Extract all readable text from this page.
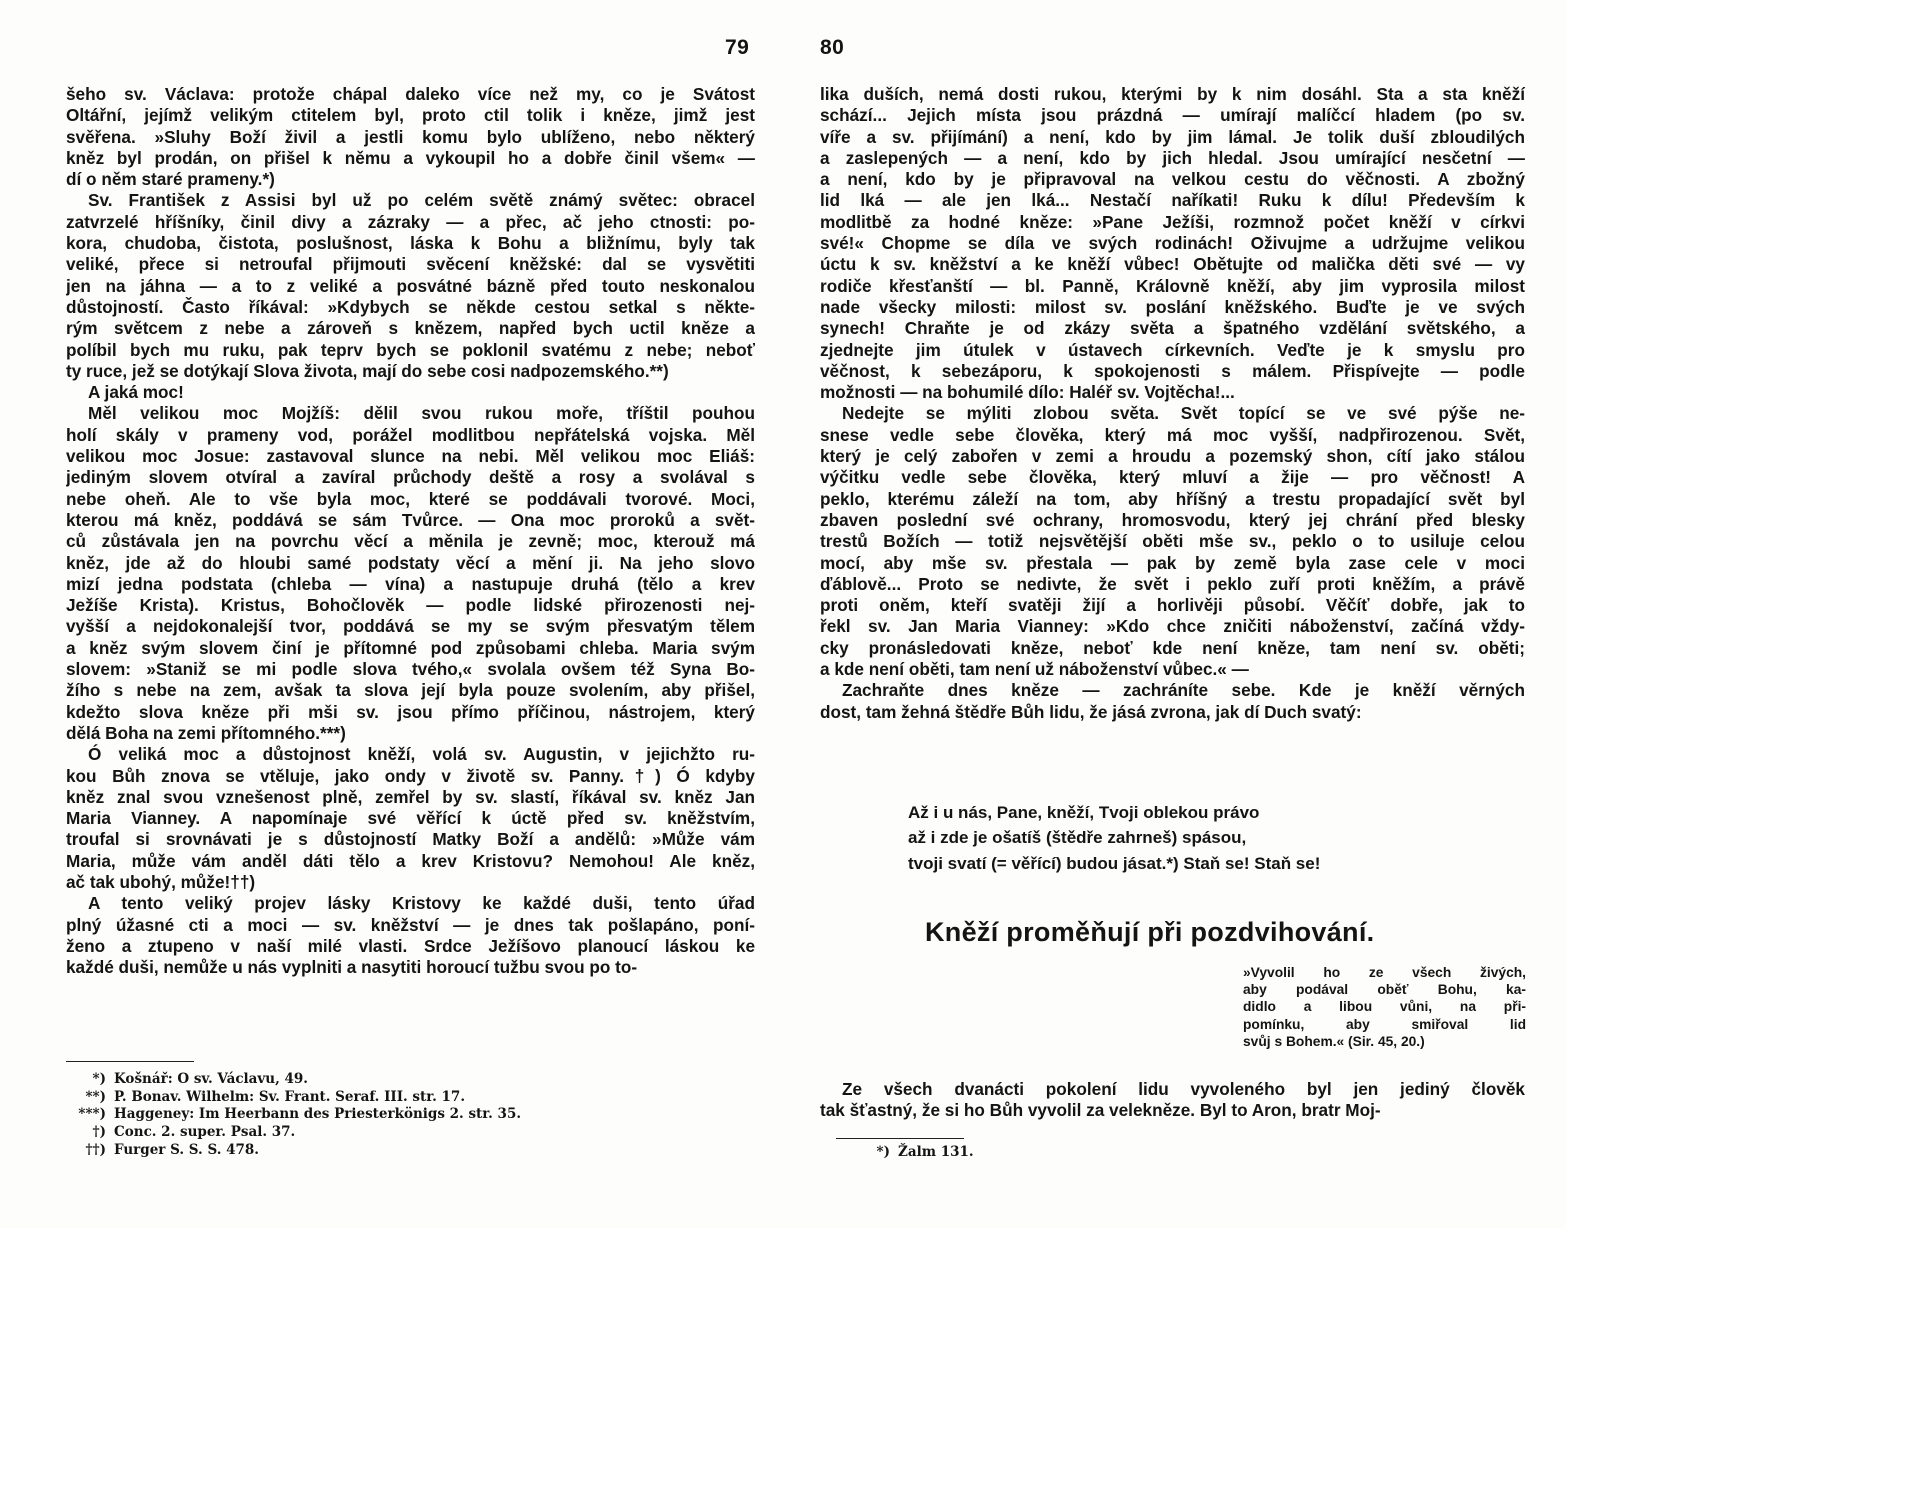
79
šeho sv. Václava: protože chápal daleko více než my, co je Svátost
Oltářní, jejímž velikým ctitelem byl, proto ctil tolik i kněze, jimž jest
svěřena. »Sluhy Boží živil a jestli komu bylo ublíženo, nebo některý
kněz byl prodán, on přišel k němu a vykoupil ho a dobře činil všem« —
dí o něm staré prameny.*)
Sv. František z Assisi byl už po celém světě známý světec: obracel
zatvrzelé hříšníky, činil divy a zázraky — a přec, ač jeho ctnosti: po-
kora, chudoba, čistota, poslušnost, láska k Bohu a bližnímu, byly tak
veliké, přece si netroufal přijmouti svěcení kněžské: dal se vysvětiti
jen na jáhna — a to z veliké a posvátné bázně před touto neskonalou
důstojností. Často říkával: »Kdybych se někde cestou setkal s někte-
rým světcem z nebe a zároveň s knězem, napřed bych uctil kněze a
políbil bych mu ruku, pak teprv bych se poklonil svatému z nebe; neboť
ty ruce, jež se dotýkají Slova života, mají do sebe cosi nadpozemského.**)
A jaká moc!
Měl velikou moc Mojžíš: dělil svou rukou moře, tříštil pouhou
holí skály v prameny vod, porážel modlitbou nepřátelská vojska. Měl
velikou moc Josue: zastavoval slunce na nebi. Měl velikou moc Eliáš:
jediným slovem otvíral a zavíral průchody deště a rosy a svolával s
nebe oheň. Ale to vše byla moc, které se poddávali tvorové. Moci,
kterou má kněz, poddává se sám Tvůrce. — Ona moc proroků a svět-
ců zůstávala jen na povrchu věcí a měnila je zevně; moc, kterouž má
kněz, jde až do hloubi samé podstaty věcí a mění ji. Na jeho slovo
mizí jedna podstata (chleba — vína) a nastupuje druhá (tělo a krev
Ježíše Krista). Kristus, Bohočlověk — podle lidské přirozenosti nej-
vyšší a nejdokonalejší tvor, poddává se my se svým přesvatým tělem
a kněz svým slovem činí je přítomné pod způsobami chleba. Maria svým
slovem: »Staniž se mi podle slova tvého,« svolala ovšem též Syna Bo-
žího s nebe na zem, avšak ta slova její byla pouze svolením, aby přišel,
kdežto slova kněze při mši sv. jsou přímo příčinou, nástrojem, který
dělá Boha na zemi přítomného.***)
Ó veliká moc a důstojnost kněží, volá sv. Augustin, v jejichžto ru-
kou Bůh znova se vtěluje, jako ondy v životě sv. Panny.†) Ó kdyby
kněz znal svou vznešenost plně, zemřel by sv. slastí, říkával sv. kněz Jan
Maria Vianney. A napomínaje své věřící k úctě před sv. kněžstvím,
troufal si srovnávati je s důstojností Matky Boží a andělů: »Může vám
Maria, může vám anděl dáti tělo a krev Kristovu? Nemohou! Ale kněz,
ač tak ubohý, může!††)
A tento veliký projev lásky Kristovy ke každé duši, tento úřad
plný úžasné cti a moci — sv. kněžství — je dnes tak pošlapáno, poní-
ženo a ztupeno v naší milé vlasti. Srdce Ježíšovo planoucí láskou ke
každé duši, nemůže u nás vyplniti a nasytiti horoucí tužbu svou po to-
*) Košnář: O sv. Václavu, 49.
**) P. Bonav. Wilhelm: Sv. Frant. Seraf. III. str. 17.
***) Haggeney: Im Heerbann des Priesterkönigs 2. str. 35.
†) Conc. 2. super. Psal. 37.
††) Furger S. S. S. 478.
80
lika duších, nemá dosti rukou, kterými by k nim dosáhl. Sta a sta kněží
schází... Jejich místa jsou prázdná — umírají malíčcí hladem (po sv.
víře a sv. přijímání) a není, kdo by jim lámal. Je tolik duší zbloudilých
a zaslepených — a není, kdo by jich hledal. Jsou umírající nesčetní —
a není, kdo by je připravoval na velkou cestu do věčnosti. A zbožný
lid lká — ale jen lká... Nestačí naříkati! Ruku k dílu! Především k
modlitbě za hodné kněze: »Pane Ježíši, rozmnož počet kněží v církvi
své!« Chopme se díla ve svých rodinách! Oživujme a udržujme velikou
úctu k sv. kněžství a ke kněží vůbec! Obětujte od malička děti své — vy
rodiče křesťanští — bl. Panně, Královně kněží, aby jim vyprosila milost
nade všecky milosti: milost sv. poslání kněžského. Buďte je ve svých
synech! Chraňte je od zkázy světa a špatného vzdělání světského, a
zjednejte jim útulek v ústavech církevních. Veďte je k smyslu pro
věčnost, k sebezáporu, k spokojenosti s málem. Přispívejte — podle
možnosti — na bohumilé dílo: Haléř sv. Vojtěcha!...
Nedejte se mýliti zlobou světa. Svět topící se ve své pýše ne-
snese vedle sebe člověka, který má moc vyšší, nadpřirozenou. Svět,
který je celý zabořen v zemi a hroudu a pozemský shon, cítí jako stálou
výčitku vedle sebe člověka, který mluví a žije — pro věčnost! A
peklo, kterému záleží na tom, aby hříšný a trestu propadající svět byl
zbaven poslední své ochrany, hromosvodu, který jej chrání před blesky
trestů Božích — totiž nejsvětější oběti mše sv., peklo o to usiluje celou
mocí, aby mše sv. přestala — pak by země byla zase cele v moci
ďáblově... Proto se nedivte, že svět i peklo zuří proti kněžím, a právě
proti oněm, kteří svatěji žijí a horlivěji působí. Věčíť dobře, jak to
řekl sv. Jan Maria Vianney: »Kdo chce zničiti náboženství, začíná vždy-
cky pronásledovati kněze, neboť kde není kněze, tam není sv. oběti;
a kde není oběti, tam není už náboženství vůbec.« —
Zachraňte dnes kněze — zachráníte sebe. Kde je kněží věrných
dost, tam žehná štědře Bůh lidu, že jásá zvrona, jak dí Duch svatý:
Až i u nás, Pane, kněží, Tvoji oblekou právo
až i zde je ošatíš (štědře zahrneš) spásou,
tvoji svatí (= věřící) budou jásat.*) Staň se! Staň se!
Kněží proměňují při pozdvihování.
»Vyvolil ho ze všech živých,
aby podával oběť Bohu, ka-
didlo a libou vůni, na při-
pomínku, aby smiřoval lid
svůj s Bohem.« (Sir. 45, 20.)
Ze všech dvanácti pokolení lidu vyvoleného byl jen jediný člověk
tak šťastný, že si ho Bůh vyvolil za velekněze. Byl to Aron, bratr Moj-
*) Žalm 131.
